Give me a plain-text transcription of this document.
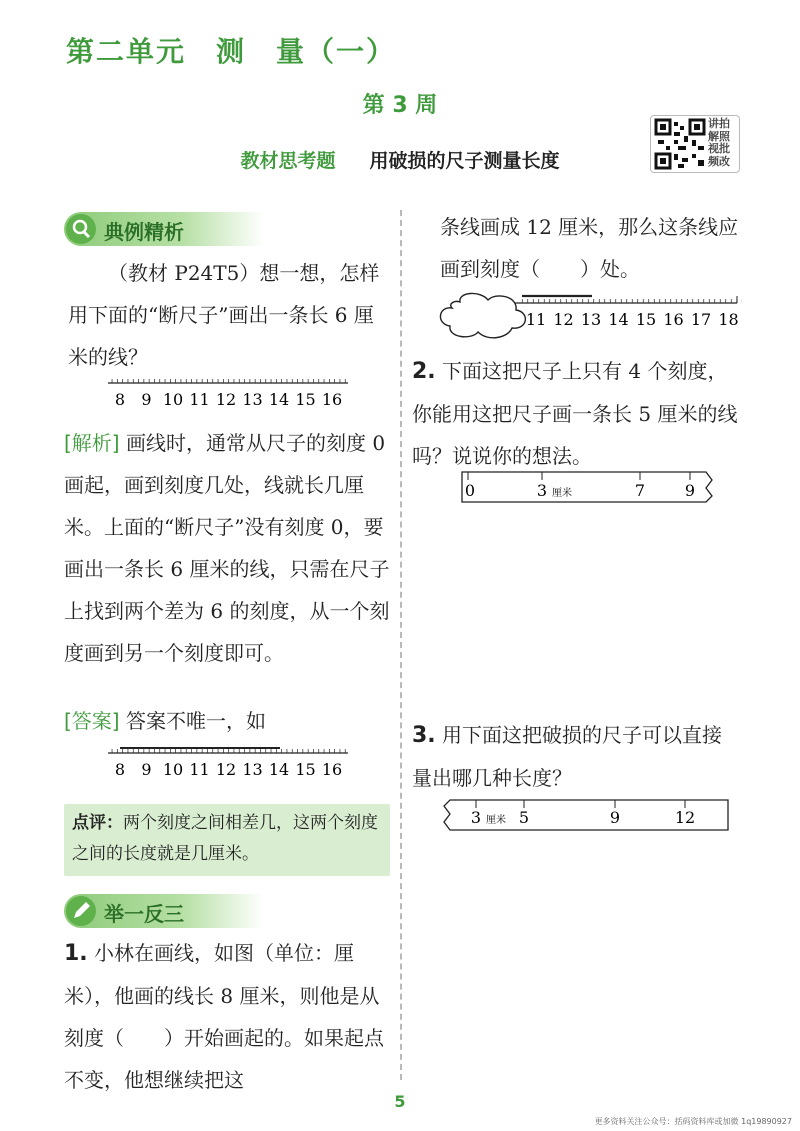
第二单元　测　量（一）
第 3 周
教材思考题 用破损的尺子测量长度
讲拍解照视批频改
典例精析
（教材 P24T5）想一想，怎样用下面的“断尺子”画出一条长 6 厘米的线？
8 9 10 11 12 13 14 15 16
[解析] 画线时，通常从尺子的刻度 0 画起，画到刻度几处，线就长几厘米。上面的“断尺子”没有刻度 0，要画出一条长 6 厘米的线，只需在尺子上找到两个差为 6 的刻度，从一个刻度画到另一个刻度即可。
[答案] 答案不唯一，如
8 9 10 11 12 13 14 15 16
点评：两个刻度之间相差几，这两个刻度之间的长度就是几厘米。
举一反三
1. 小林在画线，如图（单位：厘米），他画的线长 8 厘米，则他是从刻度（　　）开始画起的。如果起点不变，他想继续把这
条线画成 12 厘米，那么这条线应画到刻度（　　）处。
11 12 13 14 15 16 17 18
2. 下面这把尺子上只有 4 个刻度，你能用这把尺子画一条长 5 厘米的线吗？说说你的想法。
0	3 厘米	7 9
3. 用下面这把破损的尺子可以直接量出哪几种长度？
3 厘米 5	9	12
5
更多资料关注公众号：括码资料库或加微 1q19890927
